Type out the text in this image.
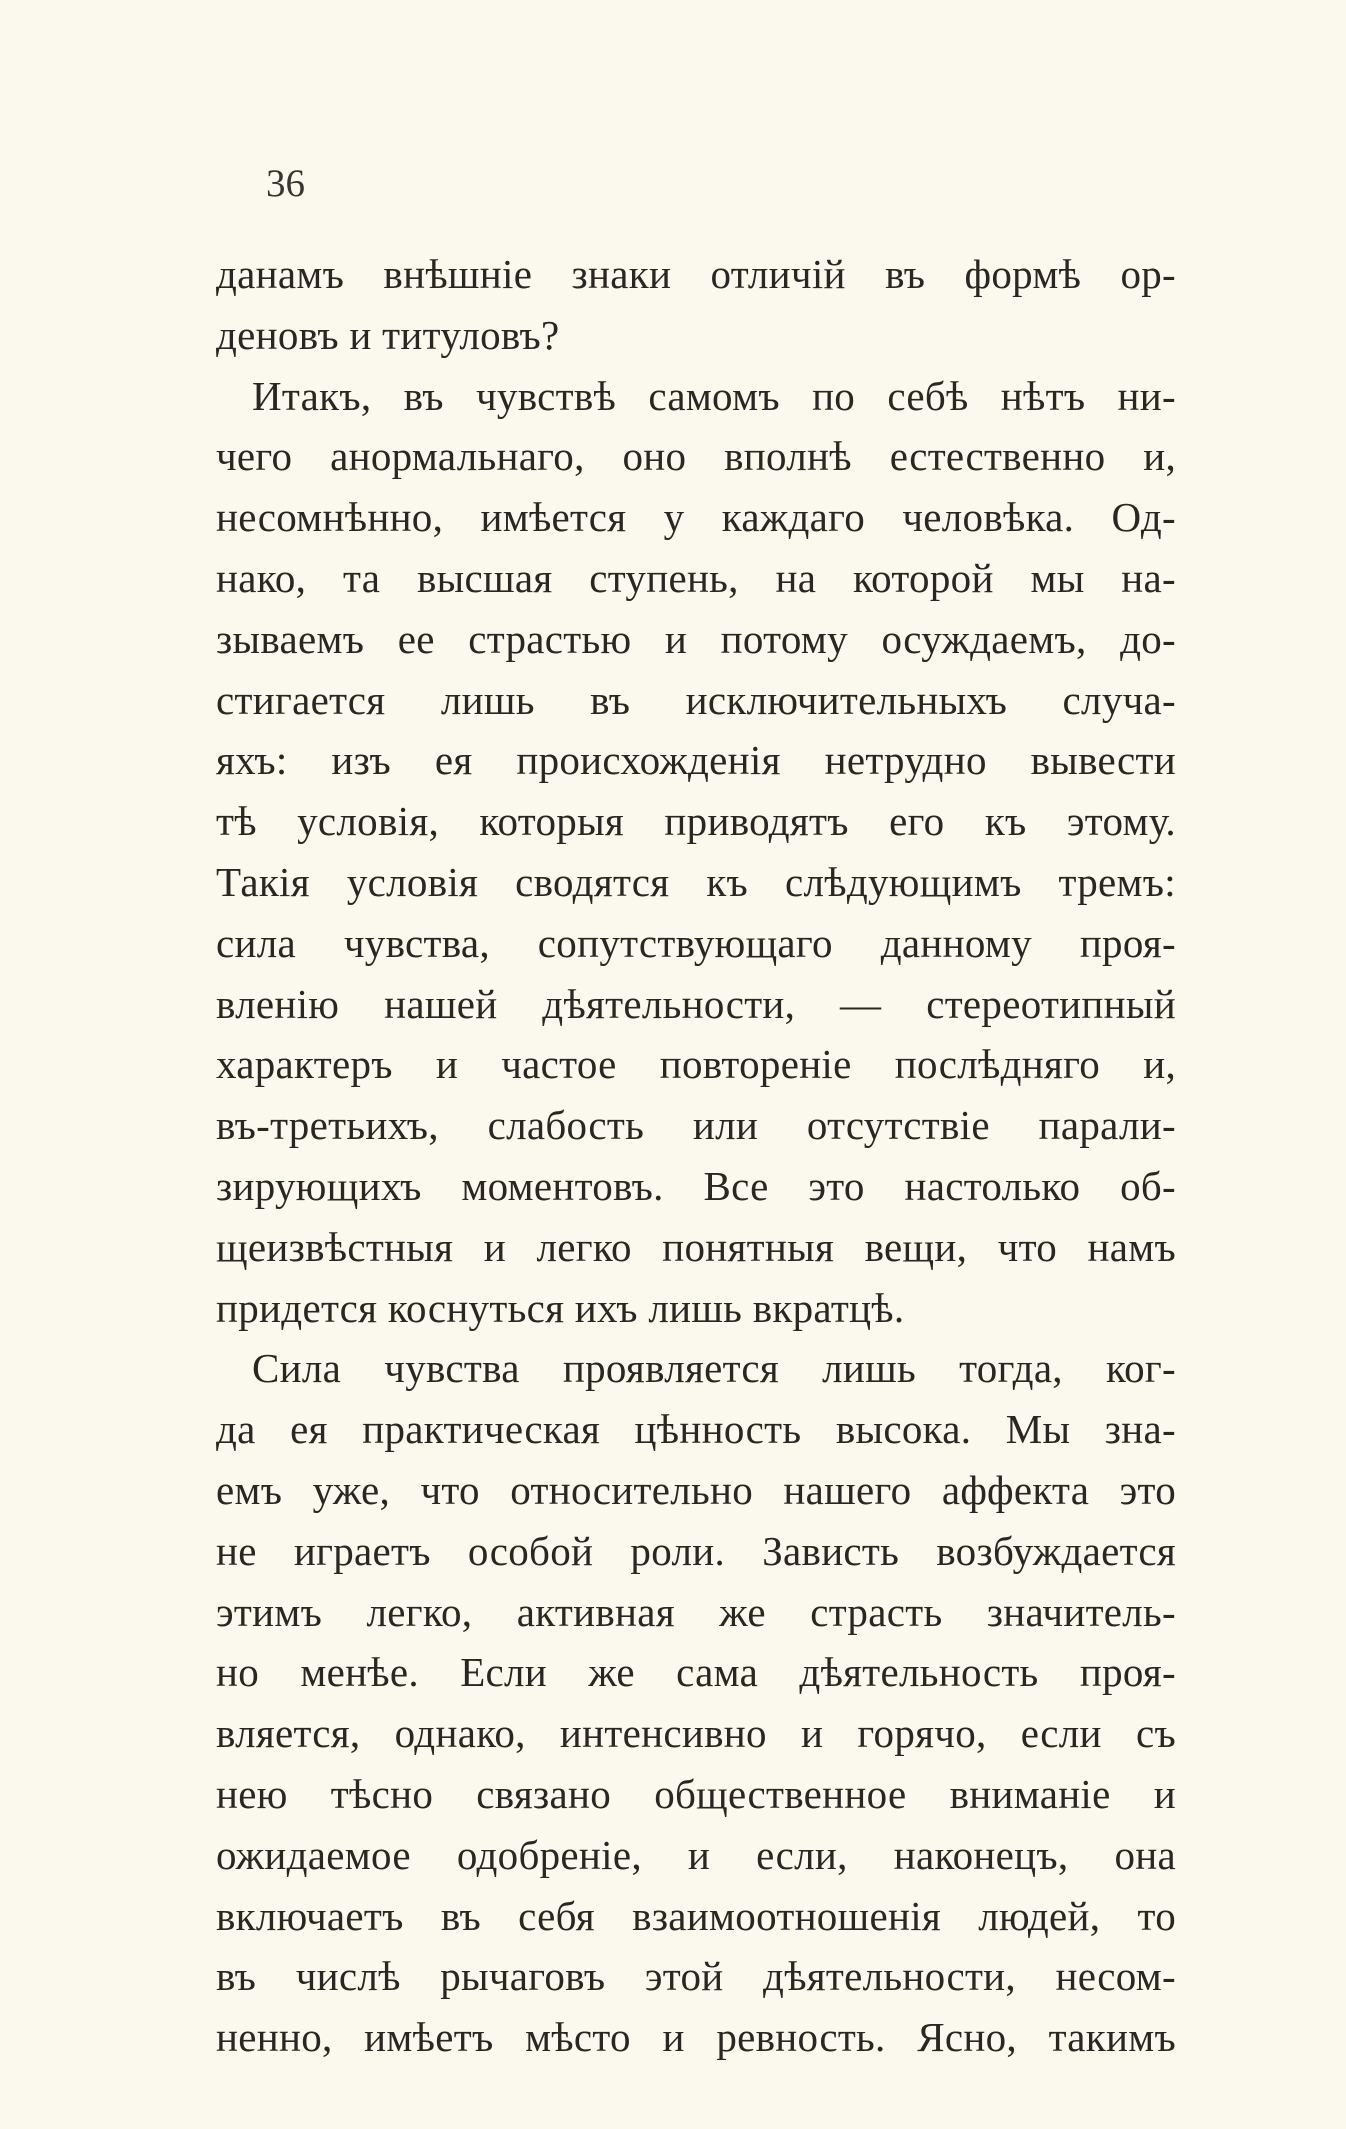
36
данамъ внѣшніе знаки отличій въ формѣ ор-
деновъ и титуловъ?
Итакъ, въ чувствѣ самомъ по себѣ нѣтъ ни-
чего анормальнаго, оно вполнѣ естественно и,
несомнѣнно, имѣется у каждаго человѣка. Од-
нако, та высшая ступень, на которой мы на-
зываемъ ее страстью и потому осуждаемъ, до-
стигается лишь въ исключительныхъ случа-
яхъ: изъ ея происхожденія нетрудно вывести
тѣ условія, которыя приводятъ его къ этому.
Такія условія сводятся къ слѣдующимъ тремъ:
сила чувства, сопутствующаго данному проя-
вленію нашей дѣятельности, — стереотипный
характеръ и частое повтореніе послѣдняго и,
въ-третьихъ, слабость или отсутствіе парали-
зирующихъ моментовъ. Все это настолько об-
щеизвѣстныя и легко понятныя вещи, что намъ
придется коснуться ихъ лишь вкратцѣ.
Сила чувства проявляется лишь тогда, ког-
да ея практическая цѣнность высока. Мы зна-
емъ уже, что относительно нашего аффекта это
не играетъ особой роли. Зависть возбуждается
этимъ легко, активная же страсть значитель-
но менѣе. Если же сама дѣятельность проя-
вляется, однако, интенсивно и горячо, если съ
нею тѣсно связано общественное вниманіе и
ожидаемое одобреніе, и если, наконецъ, она
включаетъ въ себя взаимоотношенія людей, то
въ числѣ рычаговъ этой дѣятельности, несом-
ненно, имѣетъ мѣсто и ревность. Ясно, такимъ
